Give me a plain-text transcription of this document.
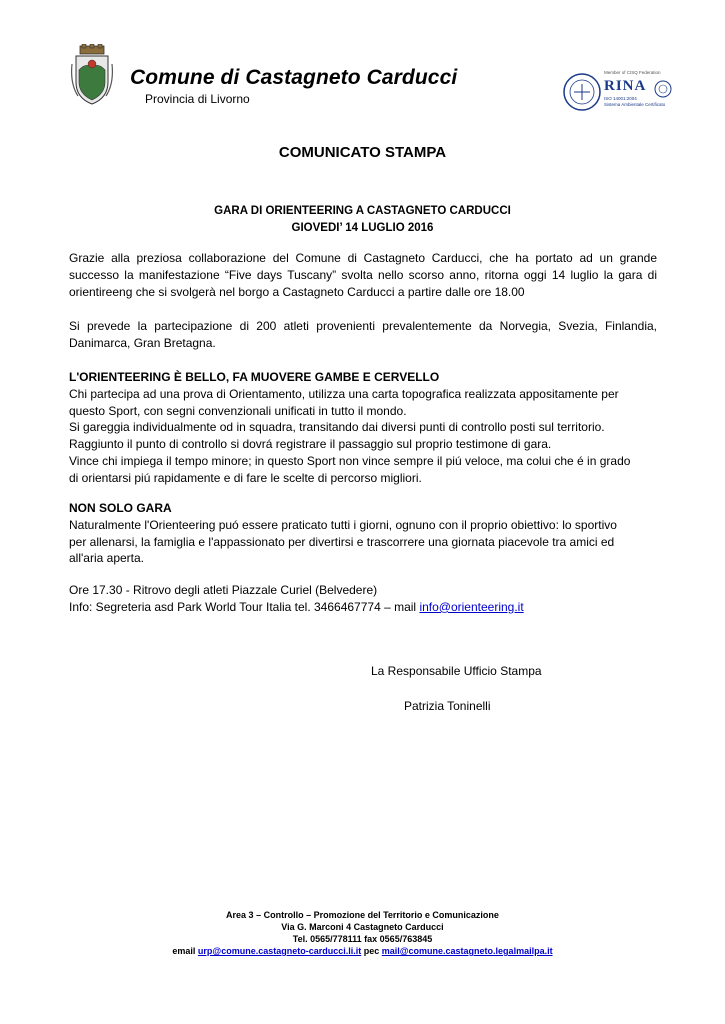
Comune di Castagneto Carducci
Provincia di Livorno
Member of CISQ Federation
RINA
ISO 14001:2004
Sistema Ambientale Certificato
COMUNICATO STAMPA
GARA DI ORIENTEERING A CASTAGNETO CARDUCCI
GIOVEDI’ 14 LUGLIO 2016
Grazie alla preziosa collaborazione del Comune di Castagneto Carducci, che ha portato ad un grande successo la manifestazione “Five days Tuscany” svolta nello scorso anno, ritorna oggi 14 luglio la gara di orientireeng che si svolgerà nel borgo a Castagneto Carducci a partire dalle ore 18.00
Si prevede la partecipazione di 200 atleti provenienti prevalentemente da Norvegia, Svezia, Finlandia, Danimarca, Gran Bretagna.
L'ORIENTEERING È BELLO, FA MUOVERE GAMBE E CERVELLO
Chi partecipa ad una prova di Orientamento, utilizza una carta topografica realizzata appositamente per
questo Sport, con segni convenzionali unificati in tutto il mondo.
Si gareggia individualmente od in squadra, transitando dai diversi punti di controllo posti sul territorio.
Raggiunto il punto di controllo si dovrá registrare il passaggio sul proprio testimone di gara.
Vince chi impiega il tempo minore; in questo Sport non vince sempre il piú veloce, ma colui che é in grado
di orientarsi piú rapidamente e di fare le scelte di percorso migliori.
NON SOLO GARA
Naturalmente l'Orienteering puó essere praticato tutti i giorni, ognuno con il proprio obiettivo: lo sportivo
per allenarsi, la famiglia e l'appassionato per divertirsi e trascorrere una giornata piacevole tra amici ed
all'aria aperta.
Ore 17.30 - Ritrovo degli atleti Piazzale Curiel (Belvedere)
Info: Segreteria asd Park World Tour Italia tel. 3466467774 – mail info@orienteering.it
La Responsabile Ufficio Stampa
Patrizia Toninelli
Area 3 – Controllo – Promozione del Territorio e Comunicazione
Via G. Marconi 4 Castagneto Carducci
Tel. 0565/778111 fax 0565/763845
email urp@comune.castagneto-carducci.li.it pec mail@comune.castagneto.legalmailpa.it
